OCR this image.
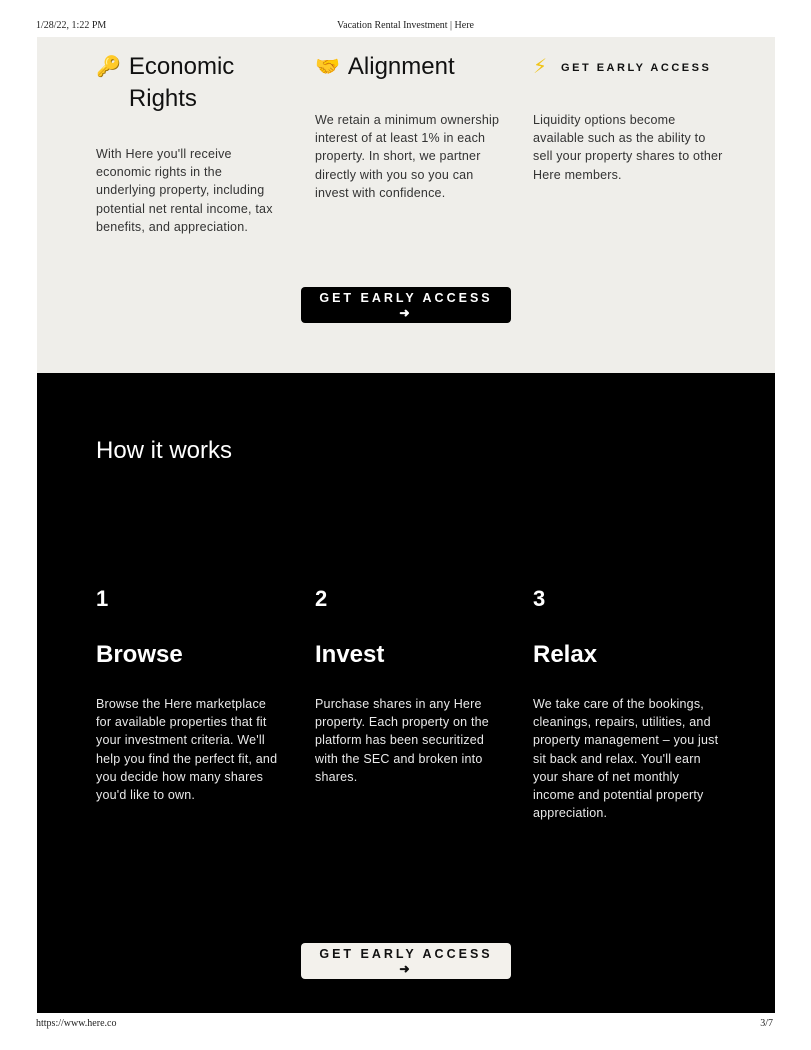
1/28/22, 1:22 PM	Vacation Rental Investment | Here
🔑 Economic Rights
With Here you'll receive economic rights in the underlying property, including potential net rental income, tax benefits, and appreciation.
🤝 Alignment
We retain a minimum ownership interest of at least 1% in each property. In short, we partner directly with you so you can invest with confidence.
⚡ GET EARLY ACCESS
Liquidity options become available such as the ability to sell your property shares to other Here members.
GET EARLY ACCESS ➜
How it works
1
Browse
Browse the Here marketplace for available properties that fit your investment criteria. We'll help you find the perfect fit, and you decide how many shares you'd like to own.
2
Invest
Purchase shares in any Here property. Each property on the platform has been securitized with the SEC and broken into shares.
3
Relax
We take care of the bookings, cleanings, repairs, utilities, and property management – you just sit back and relax. You'll earn your share of net monthly income and potential property appreciation.
GET EARLY ACCESS ➜
https://www.here.co	3/7
